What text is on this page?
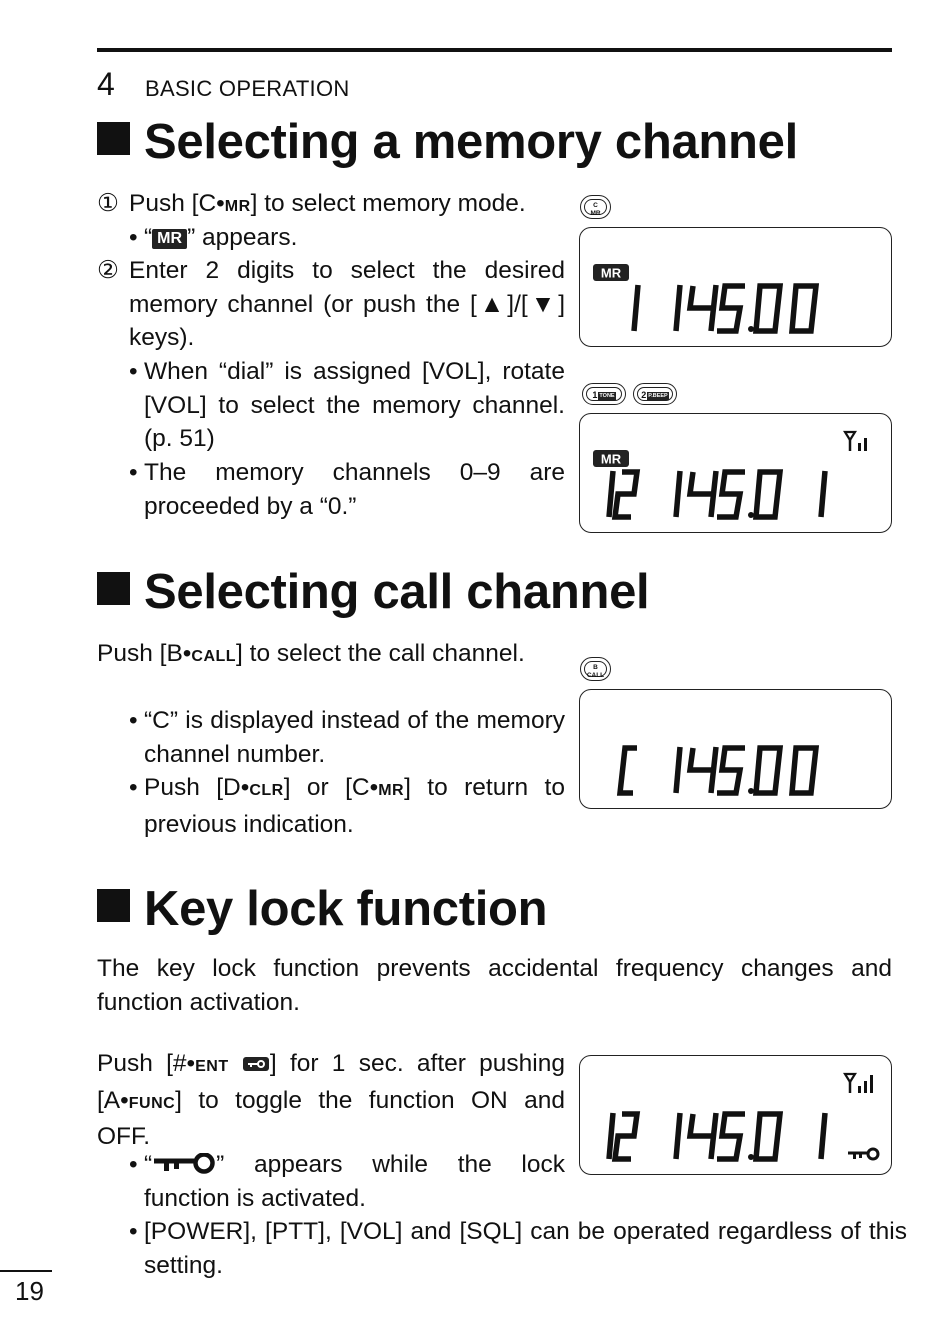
4 BASIC OPERATION
Selecting a memory channel
① Push [C•MR] to select memory mode.

• “ MR ” appears.

② Enter 2 digits to select the desired memory channel (or push the [▲]/[▼] keys).

• When “dial” is assigned [VOL], rotate [VOL] to select the memory channel. (p. 51)

• The memory channels 0–9 are proceeded by a “0.”

C
MR
MR
1 TONE	2 P.BEEP
MR
Selecting call channel

Push [B•CALL] to select the call channel.

• “C” is displayed instead of the memory channel number.

• Push [D•CLR] or [C•MR] to return to previous indication.

B
CALL
Key lock function

The key lock function prevents accidental frequency changes and function activation.

Push [#•ENT ] for 1 sec. after pushing [A•FUNC] to toggle the function ON and OFF.

• “	” appears while the lock function is activated.

• [POWER], [PTT], [VOL] and [SQL] can be operated regardless of this setting.

19
